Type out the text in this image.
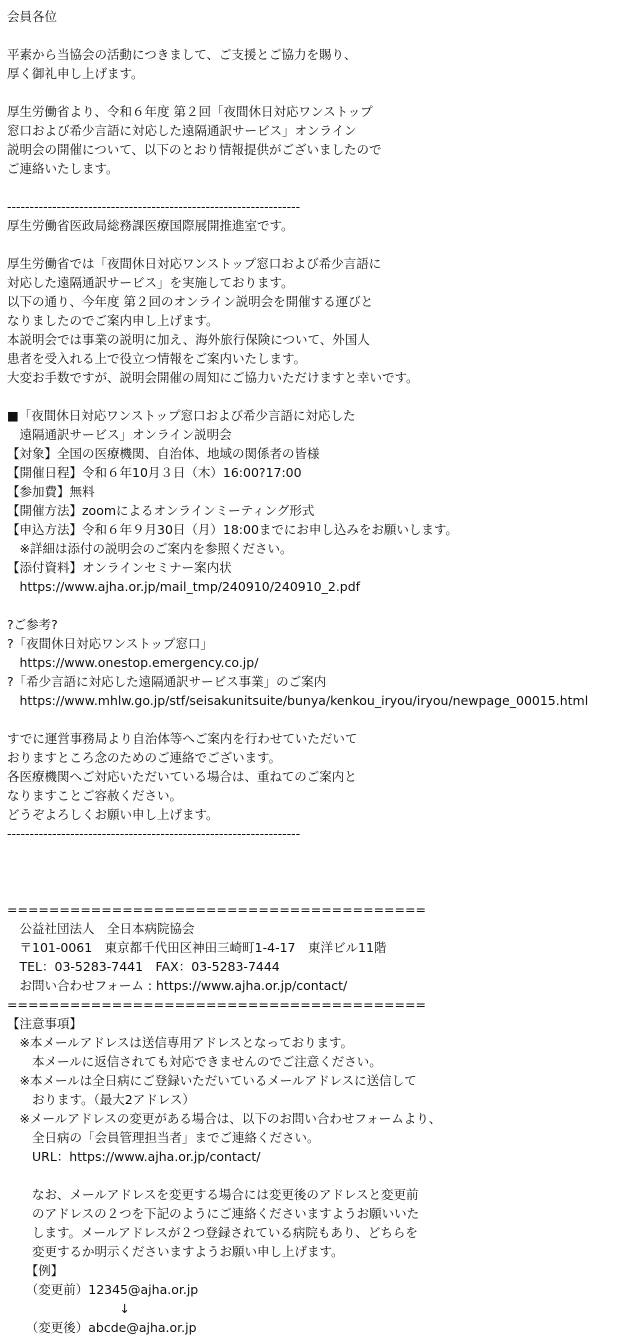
会員各位
平素から当協会の活動につきまして、ご支援とご協力を賜り、
厚く御礼申し上げます。
厚生労働省より、令和６年度 第２回「夜間休日対応ワンストップ
窓口および希少言語に対応した遠隔通訳サービス」オンライン
説明会の開催について、以下のとおり情報提供がございましたので
ご連絡いたします。
-----------------------------------------------------------------
厚生労働省医政局総務課医療国際展開推進室です。
厚生労働省では「夜間休日対応ワンストップ窓口および希少言語に
対応した遠隔通訳サービス」を実施しております。
以下の通り、今年度 第２回のオンライン説明会を開催する運びと
なりましたのでご案内申し上げます。
本説明会では事業の説明に加え、海外旅行保険について、外国人
患者を受入れる上で役立つ情報をご案内いたします。
大変お手数ですが、説明会開催の周知にご協力いただけますと幸いです。
■「夜間休日対応ワンストップ窓口および希少言語に対応した
　遠隔通訳サービス」オンライン説明会
【対象】全国の医療機関、自治体、地域の関係者の皆様
【開催日程】令和６年10月３日（木）16:00?17:00
【参加費】無料
【開催方法】zoomによるオンラインミーティング形式
【申込方法】令和６年９月30日（月）18:00までにお申し込みをお願いします。
　※詳細は添付の説明会のご案内を参照ください。
【添付資料】オンラインセミナー案内状
　https://www.ajha.or.jp/mail_tmp/240910/240910_2.pdf
?ご参考?
?「夜間休日対応ワンストップ窓口」
　https://www.onestop.emergency.co.jp/
?「希少言語に対応した遠隔通訳サービス事業」のご案内
　https://www.mhlw.go.jp/stf/seisakunitsuite/bunya/kenkou_iryou/iryou/newpage_00015.html
すでに運営事務局より自治体等へご案内を行わせていただいて
おりますところ念のためのご連絡でございます。
各医療機関へご対応いただいている場合は、重ねてのご案内と
なりますことご容赦ください。
どうぞよろしくお願い申し上げます。
-----------------------------------------------------------------
========================================
　公益社団法人　全日本病院協会
　〒101-0061　東京都千代田区神田三崎町1-4-17　東洋ビル11階
　TEL：03-5283-7441　FAX：03-5283-7444
　お問い合わせフォーム : https://www.ajha.or.jp/contact/
========================================
【注意事項】
　※本メールアドレスは送信専用アドレスとなっております。
　　本メールに返信されても対応できませんのでご注意ください。
　※本メールは全日病にご登録いただいているメールアドレスに送信して
　　おります。（最大2アドレス）
　※メールアドレスの変更がある場合は、以下のお問い合わせフォームより、
　　全日病の「会員管理担当者」までご連絡ください。
　　URL：https://www.ajha.or.jp/contact/
　　なお、メールアドレスを変更する場合には変更後のアドレスと変更前
　　のアドレスの２つを下記のようにご連絡くださいますようお願いいた
　　します。メールアドレスが２つ登録されている病院もあり、どちらを
　　変更するか明示くださいますようお願い申し上げます。
　　【例】
　　（変更前）12345@ajha.or.jp
　　　　　　　　　↓
　　（変更後）abcde@ajha.or.jp
